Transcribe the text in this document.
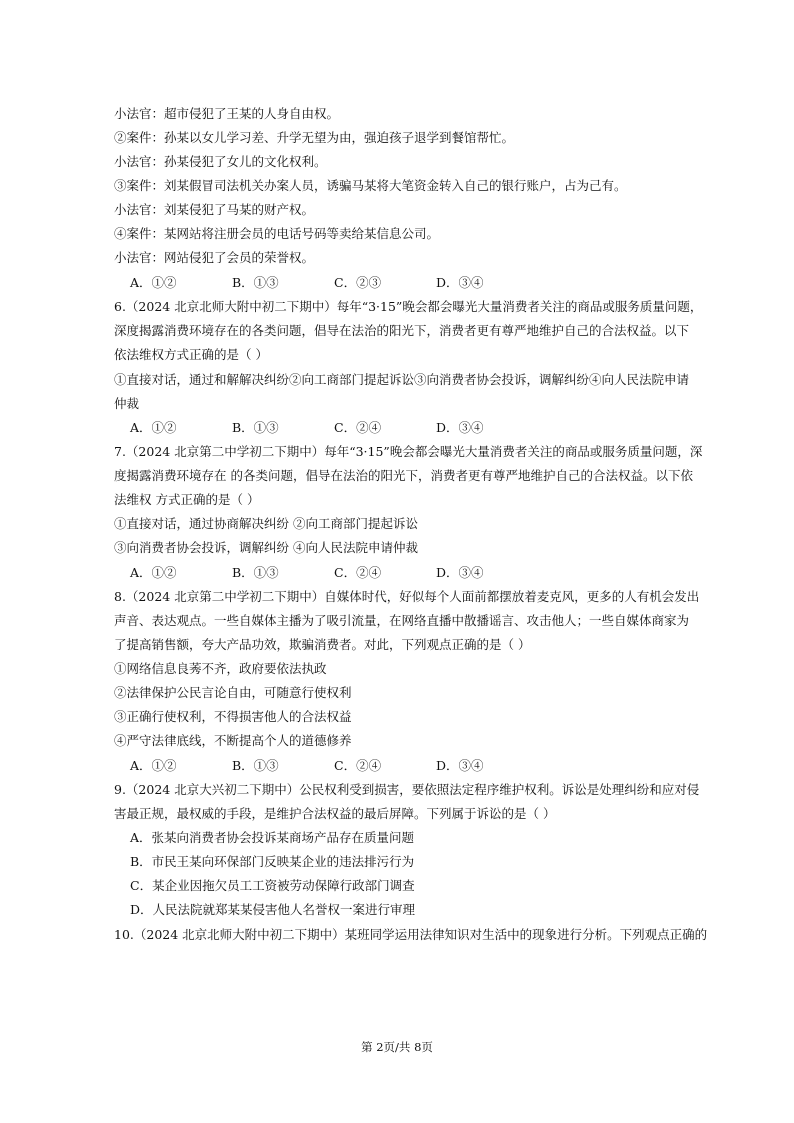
小法官：超市侵犯了王某的人身自由权。
②案件：孙某以女儿学习差、升学无望为由，强迫孩子退学到餐馆帮忙。
小法官：孙某侵犯了女儿的文化权利。
③案件：刘某假冒司法机关办案人员，诱骗马某将大笔资金转入自己的银行账户，占为己有。
小法官：刘某侵犯了马某的财产权。
④案件：某网站将注册会员的电话号码等卖给某信息公司。
小法官：网站侵犯了会员的荣誉权。
A．①②	B．①③	C．②③	D．③④
6.（2024 北京北师大附中初二下期中）每年“3·15”晚会都会曝光大量消费者关注的商品或服务质量问题，
深度揭露消费环境存在的各类问题，倡导在法治的阳光下，消费者更有尊严地维护自己的合法权益。以下
依法维权方式正确的是（ ）
①直接对话，通过和解解决纠纷②向工商部门提起诉讼③向消费者协会投诉，调解纠纷④向人民法院申请
仲裁
A．①②	B．①③	C．②④	D．③④
7.（2024 北京第二中学初二下期中）每年“3·15”晚会都会曝光大量消费者关注的商品或服务质量问题，深
度揭露消费环境存在 的各类问题，倡导在法治的阳光下，消费者更有尊严地维护自己的合法权益。以下依
法维权 方式正确的是（ ）
①直接对话，通过协商解决纠纷 ②向工商部门提起诉讼
③向消费者协会投诉，调解纠纷 ④向人民法院申请仲裁
A．①②	B．①③	C．②④	D．③④
8.（2024 北京第二中学初二下期中）自媒体时代，好似每个人面前都摆放着麦克风，更多的人有机会发出
声音、表达观点。一些自媒体主播为了吸引流量，在网络直播中散播谣言、攻击他人；一些自媒体商家为
了提高销售额，夸大产品功效，欺骗消费者。对此，下列观点正确的是（ ）
①网络信息良莠不齐，政府要依法执政
②法律保护公民言论自由，可随意行使权利
③正确行使权利，不得损害他人的合法权益
④严守法律底线，不断提高个人的道德修养
A．①②	B．①③	C．②④	D．③④
9.（2024 北京大兴初二下期中）公民权利受到损害，要依照法定程序维护权利。诉讼是处理纠纷和应对侵
害最正规，最权威的手段，是维护合法权益的最后屏障。下列属于诉讼的是（ ）
A．张某向消费者协会投诉某商场产品存在质量问题
B．市民王某向环保部门反映某企业的违法排污行为
C．某企业因拖欠员工工资被劳动保障行政部门调查
D．人民法院就郑某某侵害他人名誉权一案进行审理
10.（2024 北京北师大附中初二下期中）某班同学运用法律知识对生活中的现象进行分析。下列观点正确的
第 2页/共 8页
